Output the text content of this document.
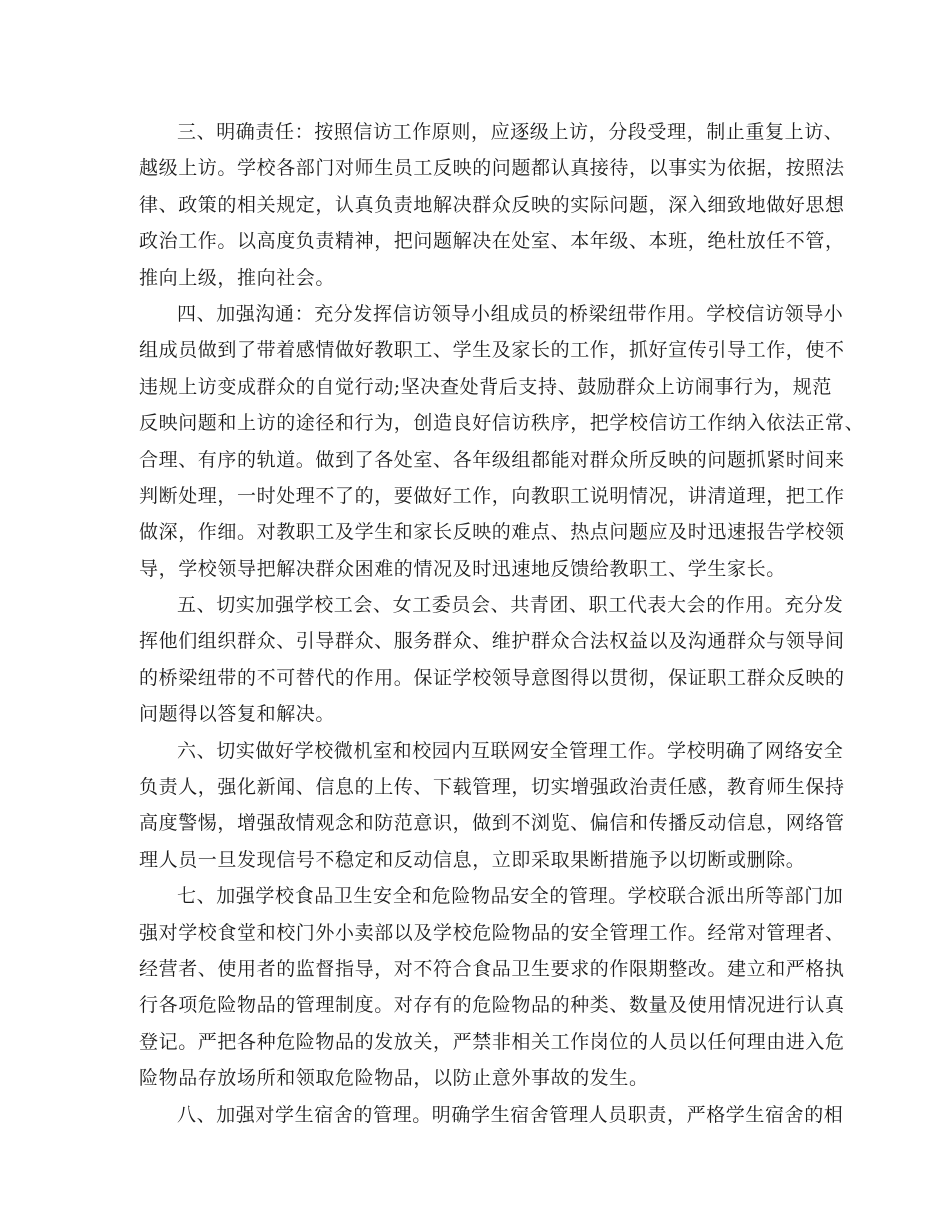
三、明确责任：按照信访工作原则，应逐级上访，分段受理，制止重复上访、
越级上访。学校各部门对师生员工反映的问题都认真接待，以事实为依据，按照法
律、政策的相关规定，认真负责地解决群众反映的实际问题，深入细致地做好思想
政治工作。以高度负责精神，把问题解决在处室、本年级、本班，绝杜放任不管，
推向上级，推向社会。
四、加强沟通：充分发挥信访领导小组成员的桥梁纽带作用。学校信访领导小
组成员做到了带着感情做好教职工、学生及家长的工作，抓好宣传引导工作，使不
违规上访变成群众的自觉行动;坚决查处背后支持、鼓励群众上访闹事行为，规范
反映问题和上访的途径和行为，创造良好信访秩序，把学校信访工作纳入依法正常、
合理、有序的轨道。做到了各处室、各年级组都能对群众所反映的问题抓紧时间来
判断处理，一时处理不了的，要做好工作，向教职工说明情况，讲清道理，把工作
做深，作细。对教职工及学生和家长反映的难点、热点问题应及时迅速报告学校领
导，学校领导把解决群众困难的情况及时迅速地反馈给教职工、学生家长。
五、切实加强学校工会、女工委员会、共青团、职工代表大会的作用。充分发
挥他们组织群众、引导群众、服务群众、维护群众合法权益以及沟通群众与领导间
的桥梁纽带的不可替代的作用。保证学校领导意图得以贯彻，保证职工群众反映的
问题得以答复和解决。
六、切实做好学校微机室和校园内互联网安全管理工作。学校明确了网络安全
负责人，强化新闻、信息的上传、下载管理，切实增强政治责任感，教育师生保持
高度警惕，增强敌情观念和防范意识，做到不浏览、偏信和传播反动信息，网络管
理人员一旦发现信号不稳定和反动信息，立即采取果断措施予以切断或删除。
七、加强学校食品卫生安全和危险物品安全的管理。学校联合派出所等部门加
强对学校食堂和校门外小卖部以及学校危险物品的安全管理工作。经常对管理者、
经营者、使用者的监督指导，对不符合食品卫生要求的作限期整改。建立和严格执
行各项危险物品的管理制度。对存有的危险物品的种类、数量及使用情况进行认真
登记。严把各种危险物品的发放关，严禁非相关工作岗位的人员以任何理由进入危
险物品存放场所和领取危险物品，以防止意外事故的发生。
八、加强对学生宿舍的管理。明确学生宿舍管理人员职责，严格学生宿舍的相
